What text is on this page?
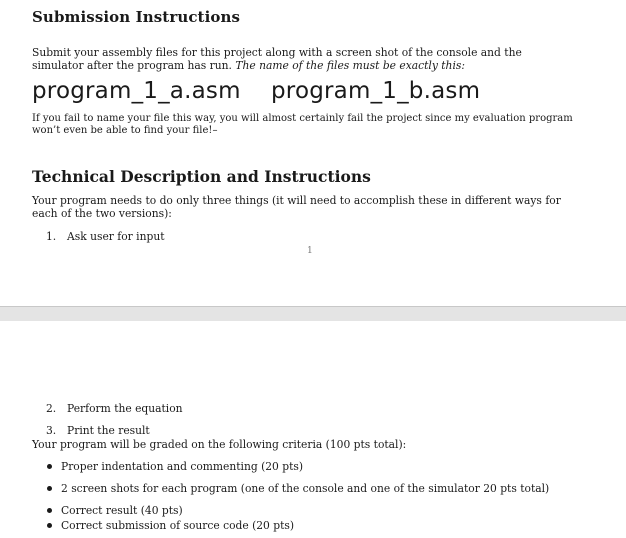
Submission Instructions
Submit your assembly files for this project along with a screen shot of the console and the
simulator after the program has run. The name of the files must be exactly this:
program_1_a.asm program_1_b.asm
If you fail to name your file this way, you will almost certainly fail the project since my evaluation program
won’t even be able to find your file!–
Technical Description and Instructions
Your program needs to do only three things (it will need to accomplish these in different ways for
each of the two versions):
1. Ask user for input
1
2. Perform the equation
3. Print the result
Your program will be graded on the following criteria (100 pts total):
Proper indentation and commenting (20 pts)
2 screen shots for each program (one of the console and one of the simulator 20 pts total)
Correct result (40 pts)
Correct submission of source code (20 pts)
